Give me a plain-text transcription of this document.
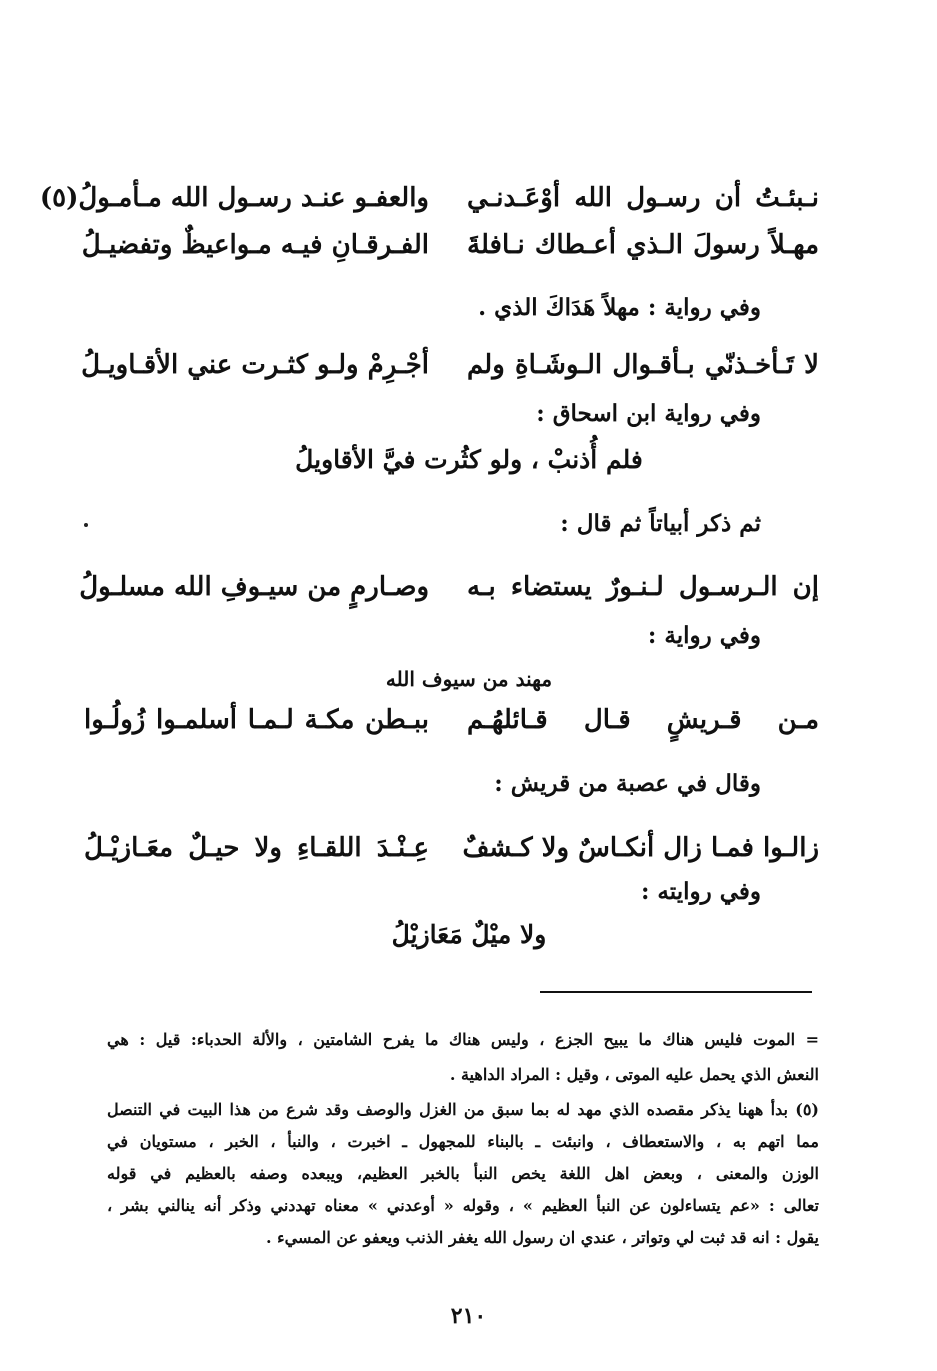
نـبئـتُ أن رسـول الله أوْعَـدنـي
والعفـو عنـد رسـول الله مـأمـولُ(٥)
مهـلاً رسولَ الـذي أعـطاك نـافلةَ
الفـرقـانِ فيـه مـواعيظٌ وتفضيـلُ
وفي رواية : مهلاً هَدَاكَ الذي .
لا تَـأخـذنّي بـأقـوال الـوشَـاةِ ولم
أجْـرِمْ ولـو كثـرت عني الأقـاويـلُ
وفي رواية ابن اسحاق :
فلم أُذنبْ ، ولو كثُرت فيَّ الأقاويلُ
ثم ذكر أبياتاً ثم قال :
إن الـرسـول لـنـورٌ يستضاء بـه
وصـارمٍ من سيـوفِ الله مسلـولُ
وفي رواية :
مهند من سيوف الله
مـن قـريشٍ قـال قـائلهُـم
ببـطن مكـة لـمـا أسلمـوا زُولُـوا
وقال في عصبة من قريش :
زالـوا فمـا زال أنكـاسٌ ولا كـشفٌ
عِـنْـدَ اللقـاءِ ولا حيـلٌ معَـازيْـلُ
وفي روايته :
ولا ميْلٌ مَعَازيْلُ
= الموت فليس هناك ما يبيح الجزع ، وليس هناك ما يفرح الشامتين ، والألة الحدباء: قيل : هي
النعش الذي يحمل عليه الموتى ، وقيل : المراد الداهية .
(٥) بدأ ههنا يذكر مقصده الذي مهد له بما سبق من الغزل والوصف وقد شرع من هذا البيت في التنصل
مما اتهم به ، والاستعطاف ، وانبئت ـ بالبناء للمجهول ـ اخبرت ، والنبأ ، الخبر ، مستويان في
الوزن والمعنى ، وبعض اهل اللغة يخص النبأ بالخبر العظيم، ويبعده وصفه بالعظيم في قوله
تعالى : «عم يتساءلون عن النبأ العظيم » ، وقوله « أوعدني » معناه تهددني وذكر أنه ينالني بشر ،
يقول : انه قد ثبت لي وتواتر ، عندي ان رسول الله يغفر الذنب ويعفو عن المسيء .
٢١٠
